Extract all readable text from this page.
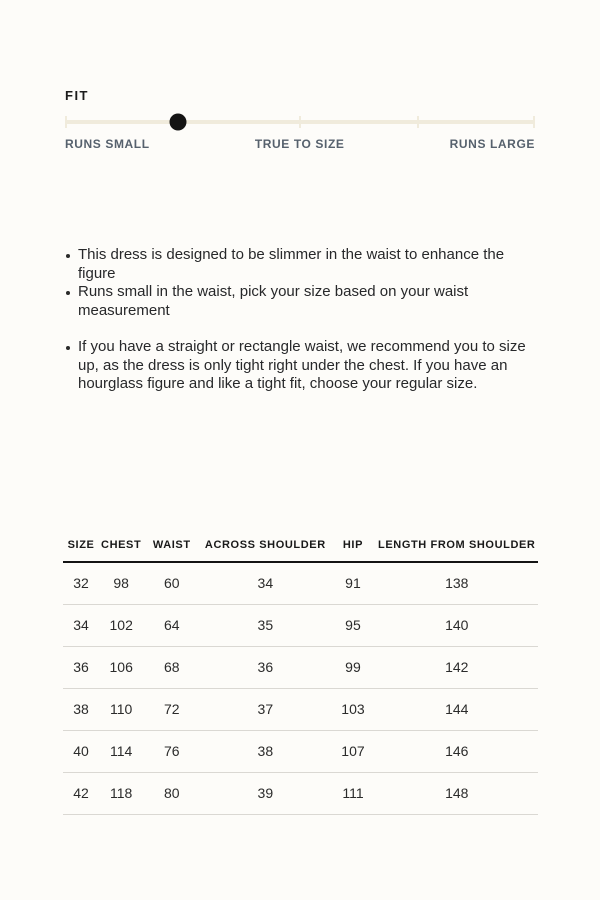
FIT
RUNS SMALL	TRUE TO SIZE	RUNS LARGE
This dress is designed to be slimmer in the waist to enhance the figure
Runs small in the waist, pick your size based on your waist measurement
If you have a straight or rectangle waist, we recommend you to size up, as the dress is only tight right under the chest. If you have an hourglass figure and like a tight fit, choose your regular size.
SIZE	CHEST	WAIST	ACROSS SHOULDER	HIP	LENGTH FROM SHOULDER
32	98	60	34	91	138
34	102	64	35	95	140
36	106	68	36	99	142
38	110	72	37	103	144
40	114	76	38	107	146
42	118	80	39	111	148
